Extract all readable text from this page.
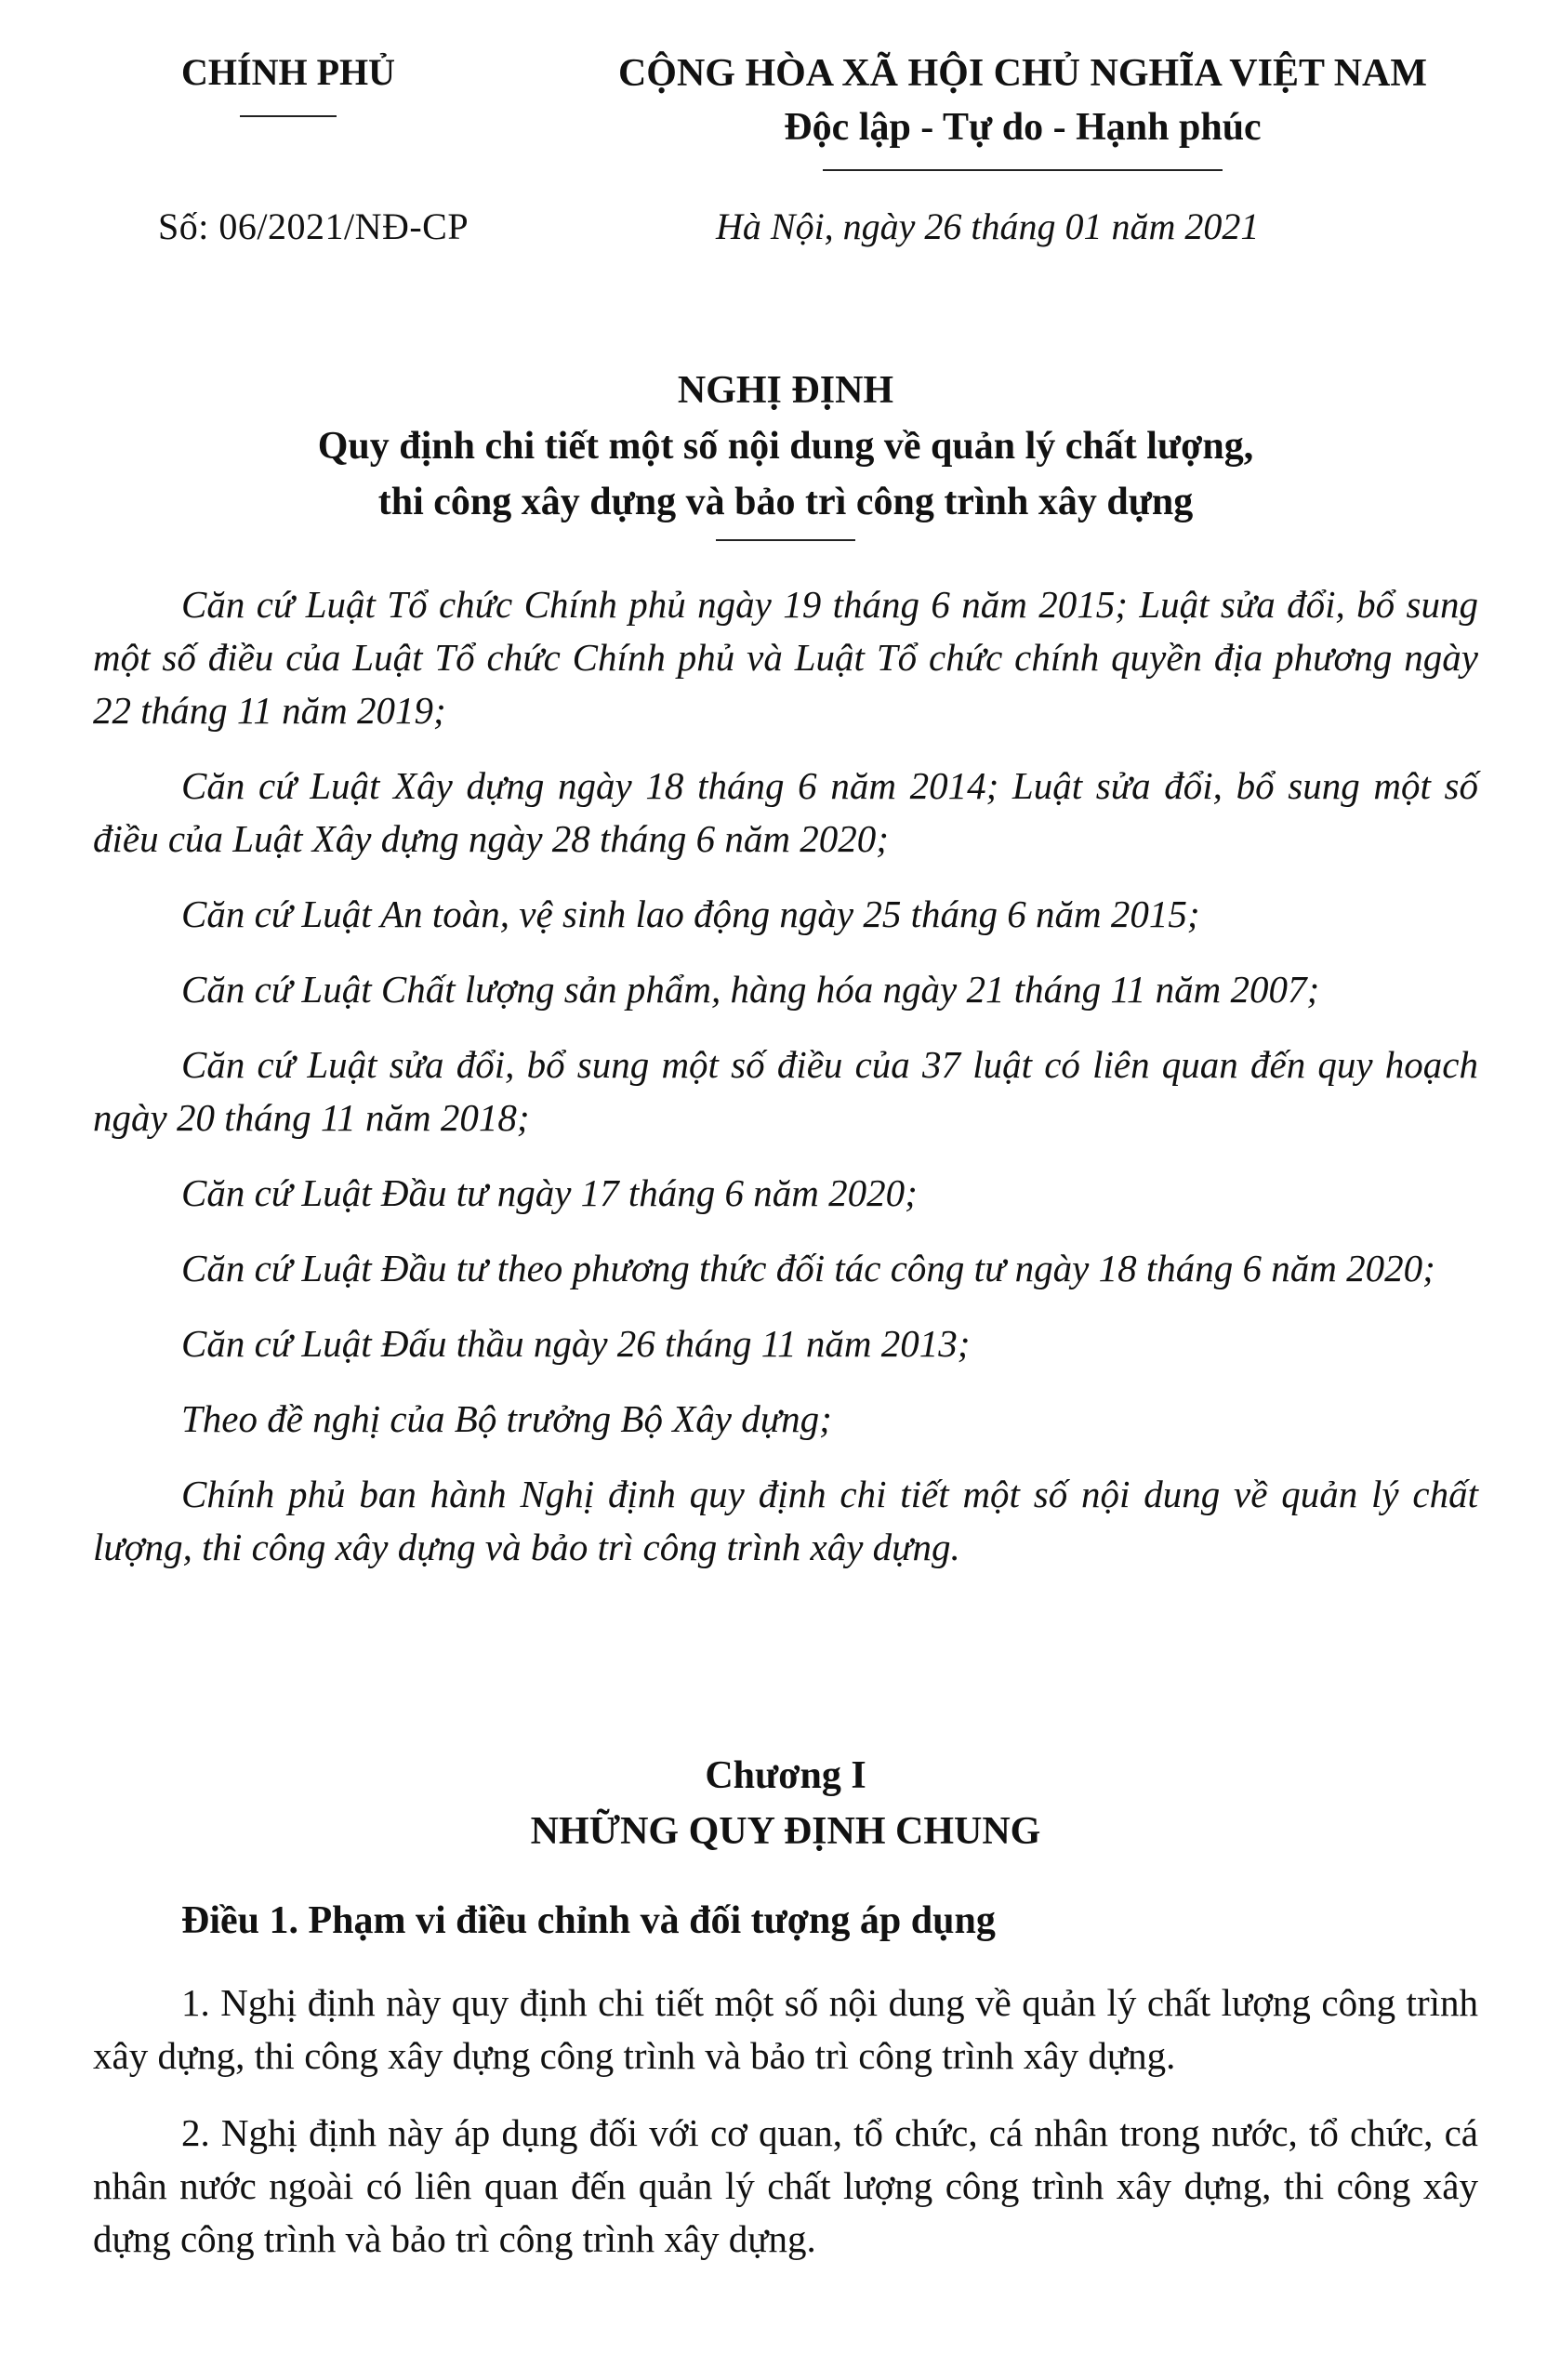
CHÍNH PHỦ	CỘNG HÒA XÃ HỘI CHỦ NGHĨA VIỆT NAM
Độc lập - Tự do - Hạnh phúc
Số: 06/2021/NĐ-CP	Hà Nội, ngày 26 tháng 01 năm 2021
NGHỊ ĐỊNH
Quy định chi tiết một số nội dung về quản lý chất lượng,
thi công xây dựng và bảo trì công trình xây dựng

Căn cứ Luật Tổ chức Chính phủ ngày 19 tháng 6 năm 2015; Luật sửa đổi, bổ sung một số điều của Luật Tổ chức Chính phủ và Luật Tổ chức chính quyền địa phương ngày 22 tháng 11 năm 2019;

Căn cứ Luật Xây dựng ngày 18 tháng 6 năm 2014; Luật sửa đổi, bổ sung một số điều của Luật Xây dựng ngày 28 tháng 6 năm 2020;

Căn cứ Luật An toàn, vệ sinh lao động ngày 25 tháng 6 năm 2015;

Căn cứ Luật Chất lượng sản phẩm, hàng hóa ngày 21 tháng 11 năm 2007;

Căn cứ Luật sửa đổi, bổ sung một số điều của 37 luật có liên quan đến quy hoạch ngày 20 tháng 11 năm 2018;

Căn cứ Luật Đầu tư ngày 17 tháng 6 năm 2020;

Căn cứ Luật Đầu tư theo phương thức đối tác công tư ngày 18 tháng 6 năm 2020;

Căn cứ Luật Đấu thầu ngày 26 tháng 11 năm 2013;

Theo đề nghị của Bộ trưởng Bộ Xây dựng;

Chính phủ ban hành Nghị định quy định chi tiết một số nội dung về quản lý chất lượng, thi công xây dựng và bảo trì công trình xây dựng.

Chương I
NHỮNG QUY ĐỊNH CHUNG
Điều 1. Phạm vi điều chỉnh và đối tượng áp dụng

1. Nghị định này quy định chi tiết một số nội dung về quản lý chất lượng công trình xây dựng, thi công xây dựng công trình và bảo trì công trình xây dựng.

2. Nghị định này áp dụng đối với cơ quan, tổ chức, cá nhân trong nước, tổ chức, cá nhân nước ngoài có liên quan đến quản lý chất lượng công trình xây dựng, thi công xây dựng công trình và bảo trì công trình xây dựng.
